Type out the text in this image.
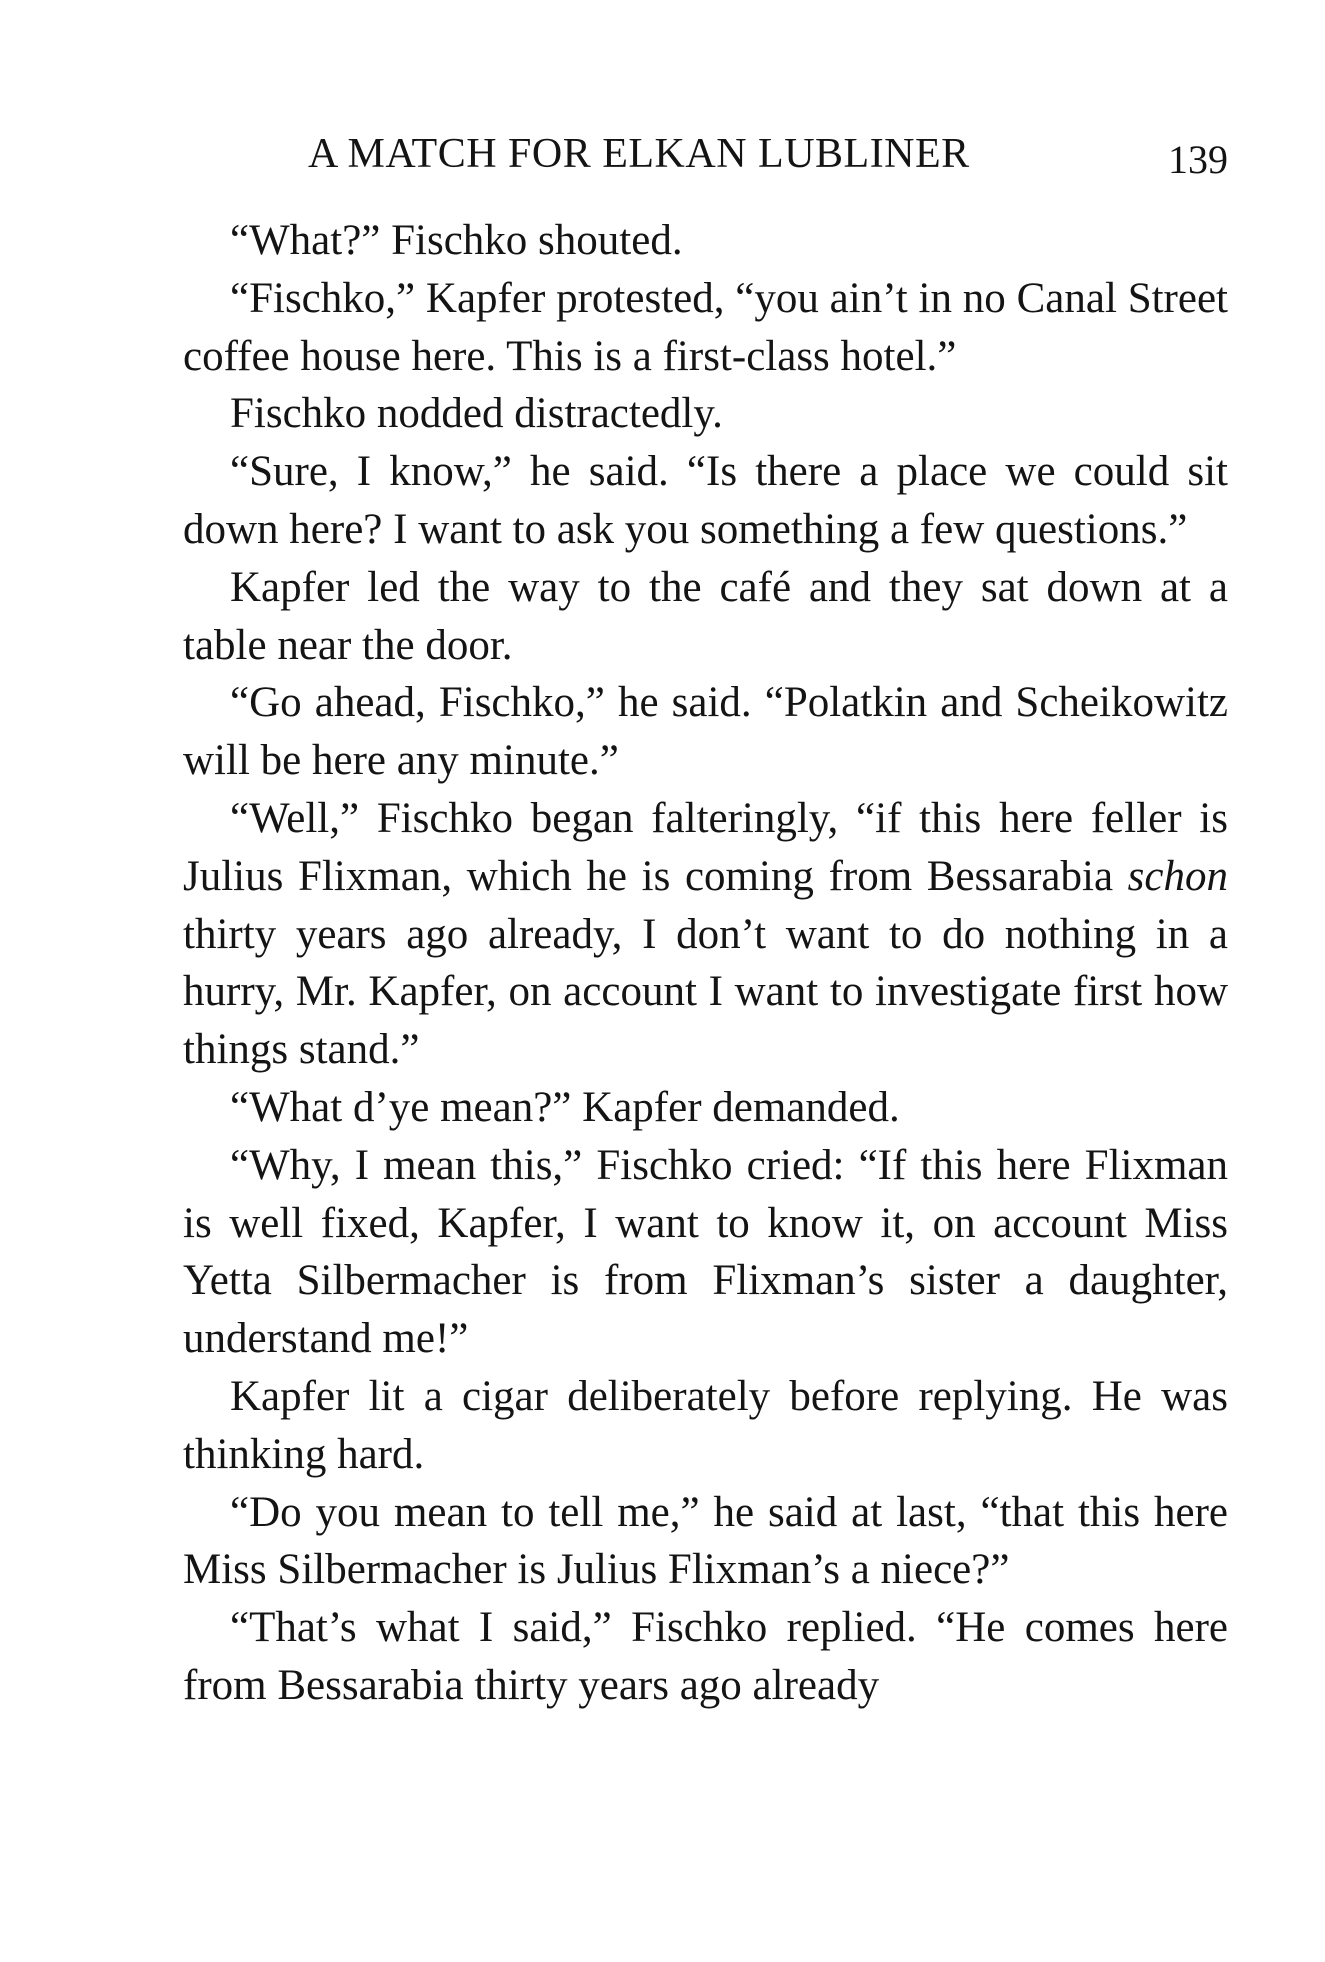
A MATCH FOR ELKAN LUBLINER	139

“What?” Fischko shouted.

“Fischko,” Kapfer protested, “you ain’t in no Canal Street coffee house here. This is a first-class hotel.”

Fischko nodded distractedly.

“Sure, I know,” he said. “Is there a place we could sit down here? I want to ask you something a few questions.”

Kapfer led the way to the café and they sat down at a table near the door.

“Go ahead, Fischko,” he said. “Polatkin and Scheikowitz will be here any minute.”

“Well,” Fischko began falteringly, “if this here feller is Julius Flixman, which he is coming from Bessarabia schon thirty years ago already, I don’t want to do nothing in a hurry, Mr. Kapfer, on account I want to investigate first how things stand.”

“What d’ye mean?” Kapfer demanded.

“Why, I mean this,” Fischko cried: “If this here Flixman is well fixed, Kapfer, I want to know it, on account Miss Yetta Silbermacher is from Flixman’s sister a daughter, understand me!”

Kapfer lit a cigar deliberately before replying. He was thinking hard.

“Do you mean to tell me,” he said at last, “that this here Miss Silbermacher is Julius Flixman’s a niece?”

“That’s what I said,” Fischko replied. “He comes here from Bessarabia thirty years ago already
